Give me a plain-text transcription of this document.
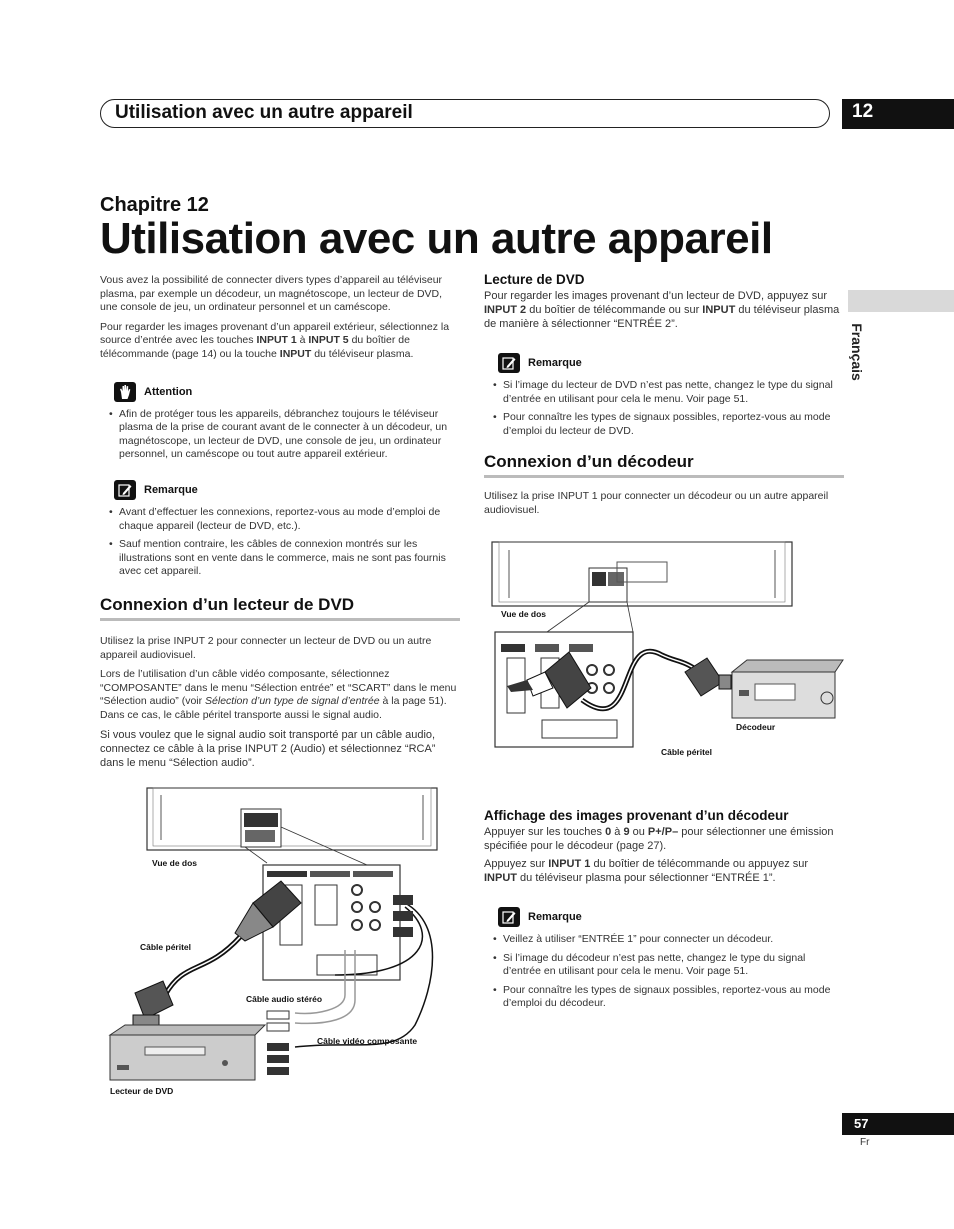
Utilisation avec un autre appareil	12
Chapitre 12
Utilisation avec un autre appareil
Français

Vous avez la possibilité de connecter divers types d’appareil au téléviseur plasma, par exemple un décodeur, un magnétoscope, un lecteur de DVD, une console de jeu, un ordinateur personnel et un caméscope.

Pour regarder les images provenant d’un appareil extérieur, sélectionnez la source d’entrée avec les touches INPUT 1 à INPUT 5 du boîtier de télécommande (page 14) ou la touche INPUT du téléviseur plasma.

Attention
• Afin de protéger tous les appareils, débranchez toujours le téléviseur plasma de la prise de courant avant de le connecter à un décodeur, un magnétoscope, un lecteur de DVD, une console de jeu, un ordinateur personnel, un caméscope ou tout autre appareil extérieur.
Remarque
• Avant d’effectuer les connexions, reportez-vous au mode d’emploi de chaque appareil (lecteur de DVD, etc.).
• Sauf mention contraire, les câbles de connexion montrés sur les illustrations sont en vente dans le commerce, mais ne sont pas fournis avec cet appareil.
Connexion d’un lecteur de DVD

Utilisez la prise INPUT 2 pour connecter un lecteur de DVD ou un autre appareil audiovisuel.

Lors de l’utilisation d’un câble vidéo composante, sélectionnez “COMPOSANTE” dans le menu “Sélection entrée” et “SCART” dans le menu “Sélection audio” (voir Sélection d’un type de signal d’entrée à la page 51). Dans ce cas, le câble péritel transporte aussi le signal audio.

Si vous voulez que le signal audio soit transporté par un câble audio, connectez ce câble à la prise INPUT 2 (Audio) et sélectionnez “RCA” dans le menu “Sélection audio”.

Vue de dos
Câble péritel
Câble audio stéréo
Câble vidéo composante
Lecteur de DVD
Lecture de DVD

Pour regarder les images provenant d’un lecteur de DVD, appuyez sur INPUT 2 du boîtier de télécommande ou sur INPUT du téléviseur plasma de manière à sélectionner “ENTRÉE 2”.

Remarque
• Si l’image du lecteur de DVD n’est pas nette, changez le type du signal d’entrée en utilisant pour cela le menu. Voir page 51.
• Pour connaître les types de signaux possibles, reportez-vous au mode d’emploi du lecteur de DVD.
Connexion d’un décodeur

Utilisez la prise INPUT 1 pour connecter un décodeur ou un autre appareil audiovisuel.

Vue de dos
Décodeur
Câble péritel
Affichage des images provenant d’un décodeur

Appuyer sur les touches 0 à 9 ou P+/P– pour sélectionner une émission spécifiée pour le décodeur (page 27).

Appuyez sur INPUT 1 du boîtier de télécommande ou appuyez sur INPUT du téléviseur plasma pour sélectionner “ENTRÉE 1”.

Remarque
• Veillez à utiliser “ENTRÉE 1” pour connecter un décodeur.
• Si l’image du décodeur n’est pas nette, changez le type du signal d’entrée en utilisant pour cela le menu. Voir page 51.
• Pour connaître les types de signaux possibles, reportez-vous au mode d’emploi du décodeur.
57
Fr
